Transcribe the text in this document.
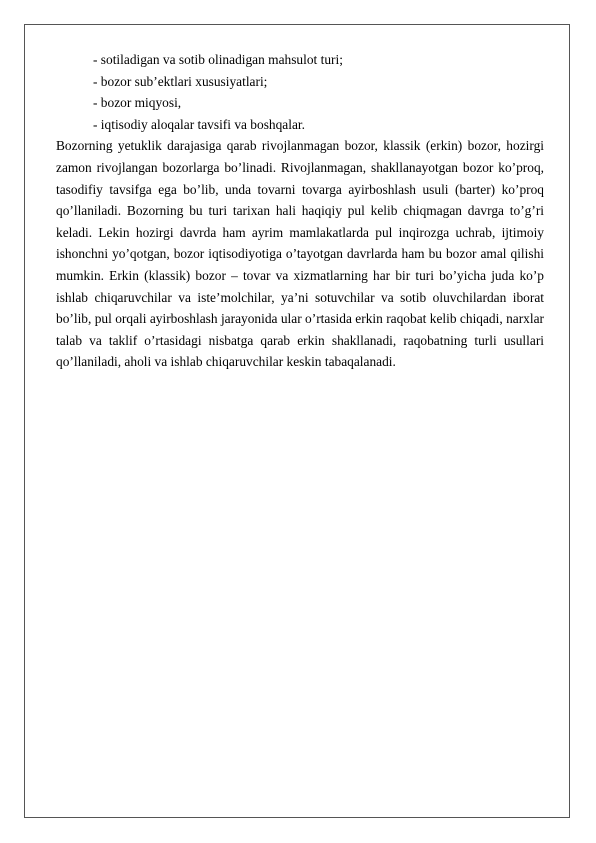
- sotiladigan va sotib olinadigan mahsulot turi;

- bozor sub’ektlari xususiyatlari;

- bozor miqyosi,

- iqtisodiy aloqalar tavsifi va boshqalar.

Bozorning yetuklik darajasiga qarab rivojlanmagan bozor, klassik (erkin) bozor, hozirgi zamon rivojlangan bozorlarga bo’linadi. Rivojlanmagan, shakllanayotgan bozor ko’proq, tasodifiy tavsifga ega bo’lib, unda tovarni tovarga ayirboshlash usuli (barter) ko’proq qo’llaniladi. Bozorning bu turi tarixan hali haqiqiy pul kelib chiqmagan davrga to’g’ri keladi. Lekin hozirgi davrda ham ayrim mamlakatlarda pul inqirozga uchrab, ijtimoiy ishonchni yo’qotgan, bozor iqtisodiyotiga o’tayotgan davrlarda ham bu bozor amal qilishi mumkin. Erkin (klassik) bozor – tovar va xizmatlarning har bir turi bo’yicha juda ko’p ishlab chiqaruvchilar va iste’molchilar, ya’ni sotuvchilar va sotib oluvchilardan iborat bo’lib, pul orqali ayirboshlash jarayonida ular o’rtasida erkin raqobat kelib chiqadi, narxlar talab va taklif o’rtasidagi nisbatga qarab erkin shakllanadi, raqobatning turli usullari qo’llaniladi, aholi va ishlab chiqaruvchilar keskin tabaqalanadi.
